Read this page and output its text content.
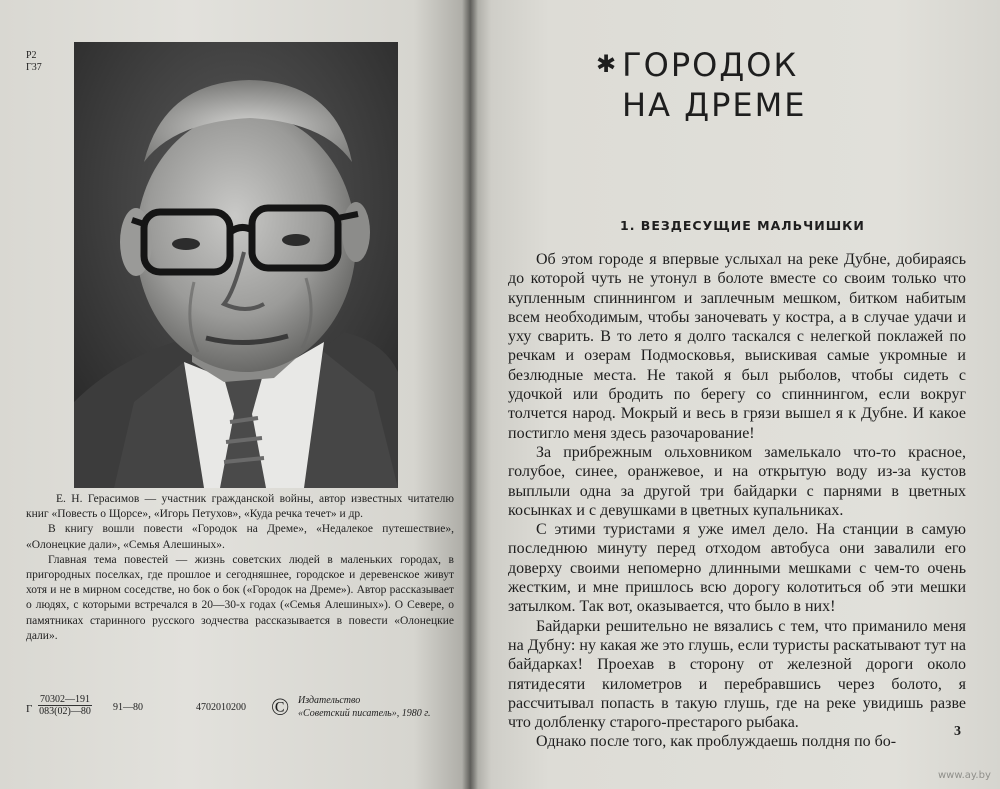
Р2
Г37

Е. Н. Герасимов — участник гражданской войны, автор известных читателю книг «Повесть о Щорсе», «Игорь Петухов», «Куда речка течет» и др.

В книгу вошли повести «Городок на Дреме», «Недалекое путешествие», «Олонецкие дали», «Семья Алешиных».

Главная тема повестей — жизнь советских людей в маленьких городах, в пригородных поселках, где прошлое и сегодняшнее, городское и деревенское живут хотя и не в мирном соседстве, но бок о бок («Городок на Дреме»). Автор рассказывает о людях, с которыми встречался в 20—30-х годах («Семья Алешиных»). О Севере, о памятниках старинного русского зодчества рассказывается в повести «Олонецкие дали».

Г $\frac{70302—191}{083(02)—80}$ 91—80	4702010200 © Издательство
«Советский писатель», 1980 г.
✱ ГОРОДОК
НА ДРЕМЕ
1. ВЕЗДЕСУЩИЕ МАЛЬЧИШКИ

Об этом городе я впервые услыхал на реке Дубне, добираясь до которой чуть не утонул в болоте вместе со своим только что купленным спиннингом и заплечным мешком, битком набитым всем необходимым, чтобы заночевать у костра, а в случае удачи и уху сварить. В то лето я долго таскался с нелегкой поклажей по речкам и озерам Подмосковья, выискивая самые укромные и безлюдные места. Не такой я был рыболов, чтобы сидеть с удочкой или бродить по берегу со спиннингом, если вокруг толчется народ. Мокрый и весь в грязи вышел я к Дубне. И какое постигло меня здесь разочарование!

За прибрежным ольховником замелькало что-то красное, голубое, синее, оранжевое, и на открытую воду из-за кустов выплыли одна за другой три байдарки с парнями в цветных косынках и с девушками в цветных купальниках.

С этими туристами я уже имел дело. На станции в самую последнюю минуту перед отходом автобуса они завалили его доверху своими непомерно длинными мешками с чем-то очень жестким, и мне пришлось всю дорогу колотиться об эти мешки затылком. Так вот, оказывается, что было в них!

Байдарки решительно не вязались с тем, что приманило меня на Дубну: ну какая же это глушь, если туристы раскатывают тут на байдарках! Проехав в сторону от железной дороги около пятидесяти километров и перебравшись через болото, я рассчитывал попасть в такую глушь, где на реке увидишь разве что долбленку старого-престарого рыбака.

Однако после того, как проблуждаешь полдня по бо-

3
www.ay.by
